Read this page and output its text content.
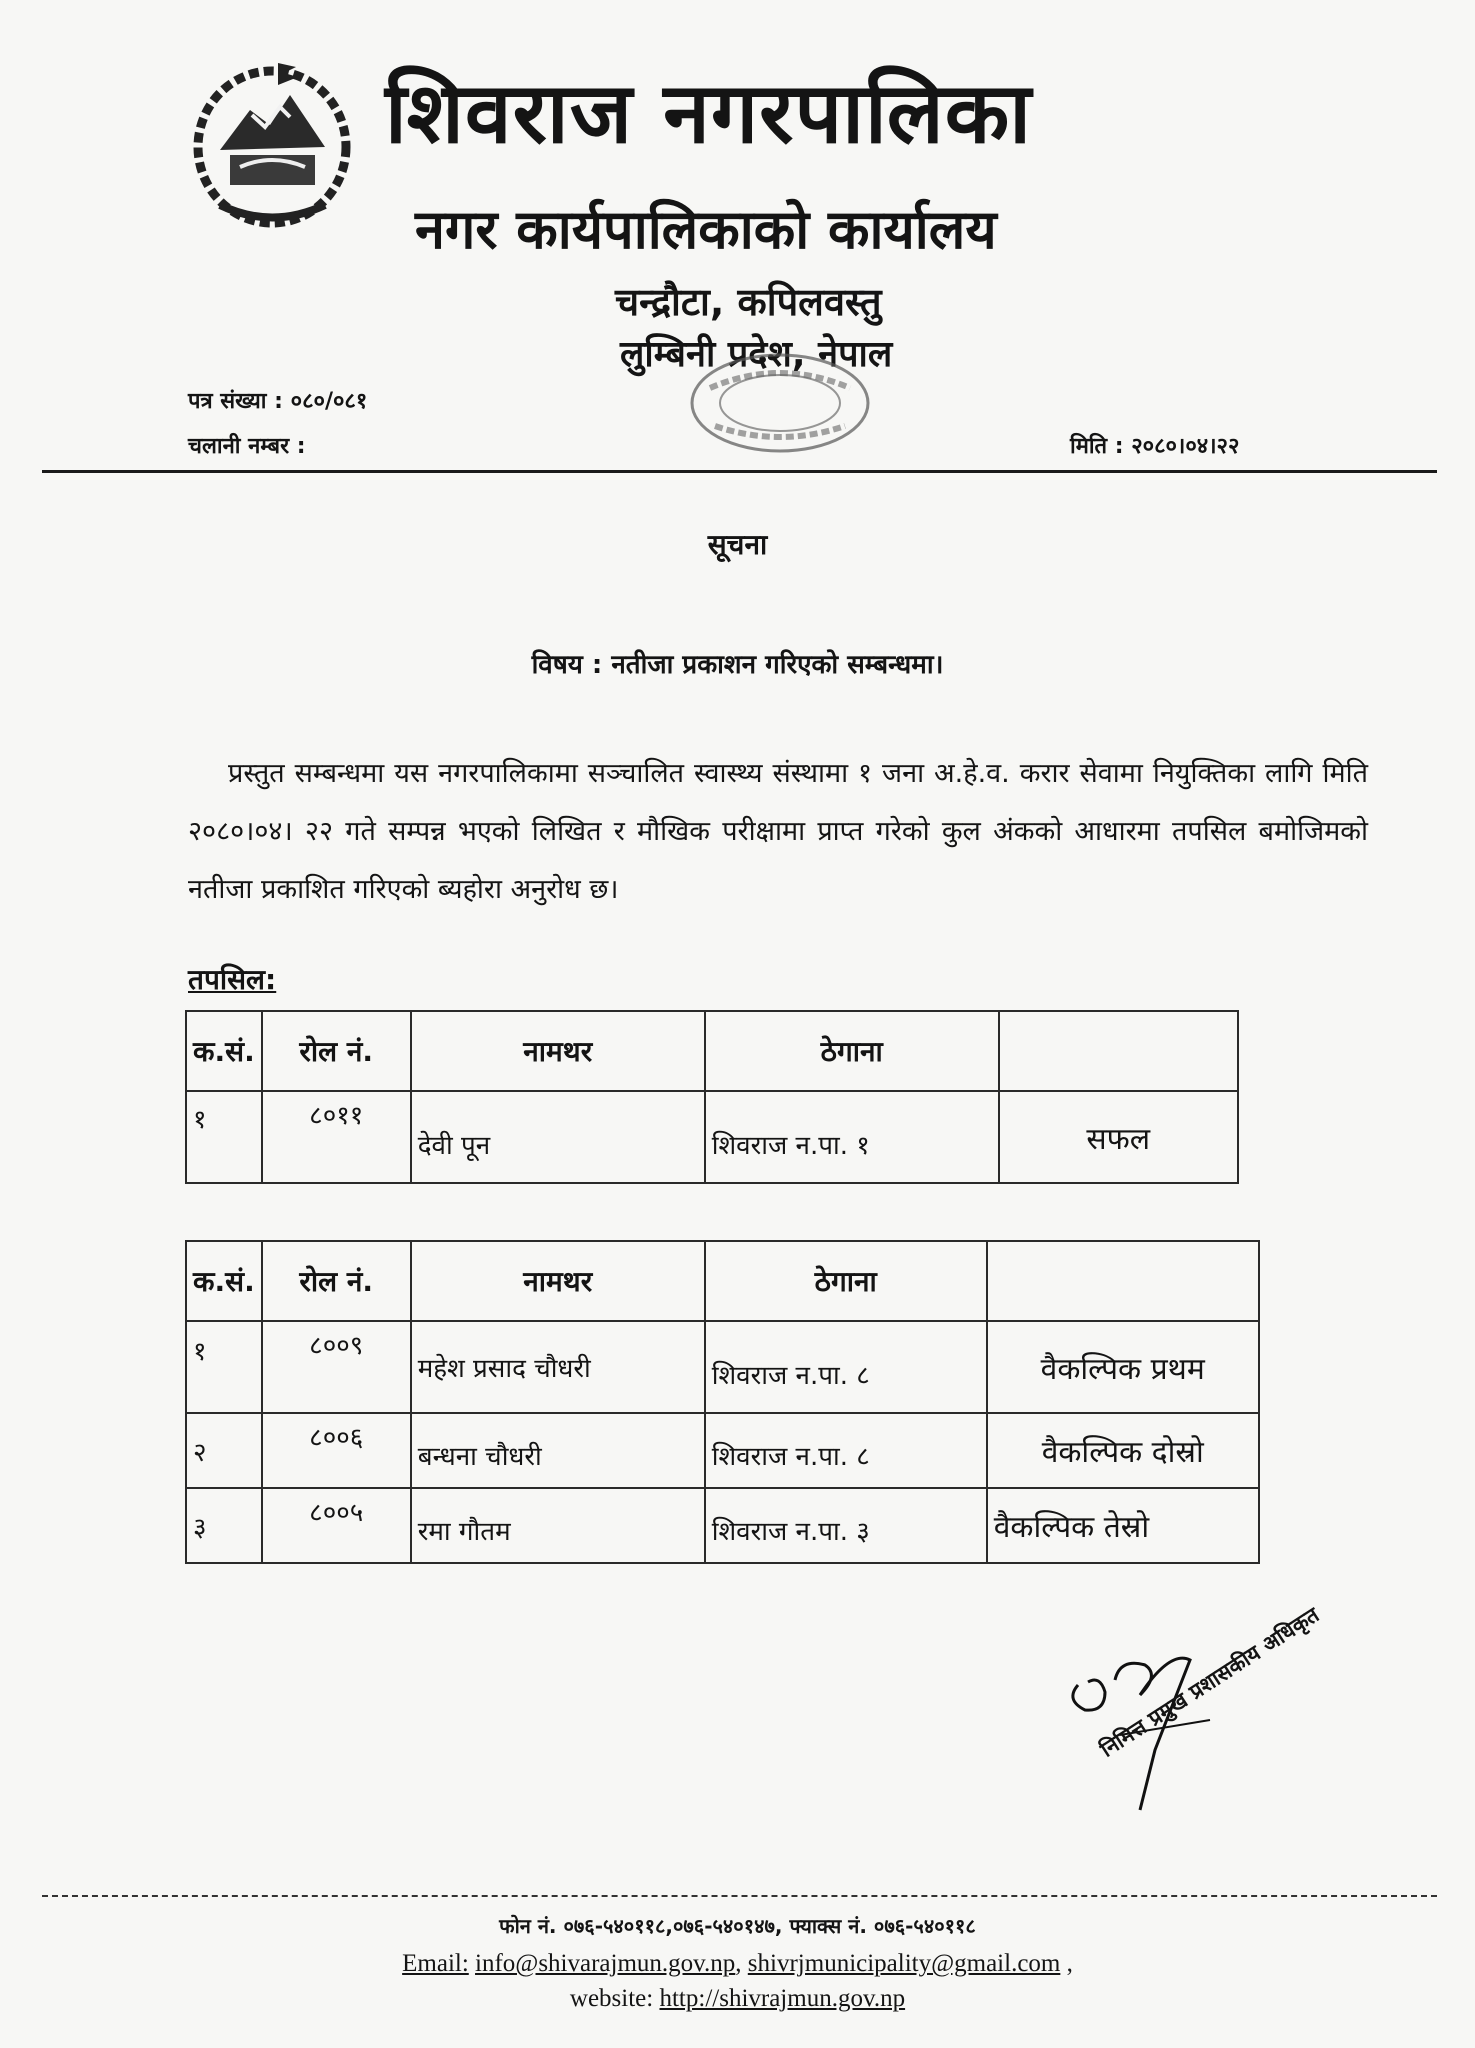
शिवराज नगरपालिका
नगर कार्यपालिकाको कार्यालय
चन्द्रौटा, कपिलवस्तु
लुम्बिनी प्रदेश, नेपाल
पत्र संख्या : ०८०/०८१
चलानी नम्बर :	मिति : २०८०।०४।२२
सूचना
विषय : नतीजा प्रकाशन गरिएको सम्बन्धमा।
प्रस्तुत सम्बन्धमा यस नगरपालिकामा सञ्चालित स्वास्थ्य संस्थामा १ जना अ.हे.व. करार सेवामा नियुक्तिका लागि मिति २०८०।०४। २२ गते सम्पन्न भएको लिखित र मौखिक परीक्षामा प्राप्त गरेको कुल अंकको आधारमा तपसिल बमोजिमको नतीजा प्रकाशित गरिएको ब्यहोरा अनुरोध छ।
तपसिल:
क.सं.	रोल नं.	नामथर	ठेगाना	
१	८०११	देवी पून	शिवराज न.पा. १	सफल
क.सं.	रोल नं.	नामथर	ठेगाना	
१	८००९	महेश प्रसाद चौधरी	शिवराज न.पा. ८	वैकल्पिक प्रथम
२	८००६	बन्धना चौधरी	शिवराज न.पा. ८	वैकल्पिक दोस्रो
३	८००५	रमा गौतम	शिवराज न.पा. ३	वैकल्पिक तेस्रो
निमित्त प्रमुख प्रशासकीय अधिकृत
फोन नं. ०७६-५४०११८,०७६-५४०१४७, फ्याक्स नं. ०७६-५४०११८
Email: info@shivarajmun.gov.np, shivrjmunicipality@gmail.com ,
website: http://shivrajmun.gov.np
